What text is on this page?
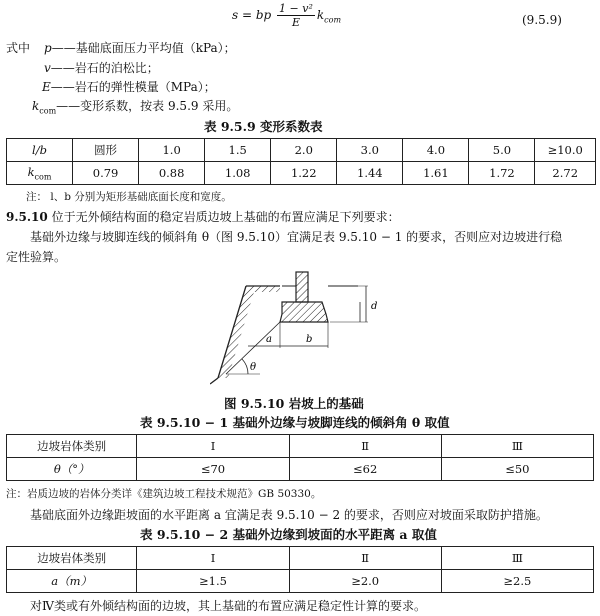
s = bp $\frac{\text{1 − v²}}{E} k_{com}$	(9.5.9)
式中 p——基础底面压力平均值（kPa）；
v——岩石的泊松比；
E——岩石的弹性模量（MPa）；
$k_{com}——$变形系数，按表 9.5.9 采用。
表 9.5.9 变形系数表
l/b	圆形	1.0	1.5	2.0	3.0	4.0	5.0	≥10.0
$k_{com}$	0.79	0.88	1.08	1.22	1.44	1.61	1.72	2.72
注： l、b 分别为矩形基础底面长度和宽度。
9.5.10 位于无外倾结构面的稳定岩质边坡上基础的布置应满足下列要求：
基础外边缘与坡脚连线的倾斜角 θ（图 9.5.10）宜满足表 9.5.10 − 1 的要求，否则应对边坡进行稳
定性验算。
d
a	b
θ
图 9.5.10 岩坡上的基础
表 9.5.10 − 1 基础外边缘与坡脚连线的倾斜角 θ 取值
边坡岩体类别	Ⅰ	Ⅱ	Ⅲ
θ（°）	≤70	≤62	≤50
注：岩质边坡的岩体分类详《建筑边坡工程技术规范》GB 50330。
基础底面外边缘距坡面的水平距离 a 宜满足表 9.5.10 − 2 的要求，否则应对坡面采取防护措施。
表 9.5.10 − 2 基础外边缘到坡面的水平距离 a 取值
边坡岩体类别	Ⅰ	Ⅱ	Ⅲ
a（m）	≥1.5	≥2.0	≥2.5
对Ⅳ类或有外倾结构面的边坡，其上基础的布置应满足稳定性计算的要求。
